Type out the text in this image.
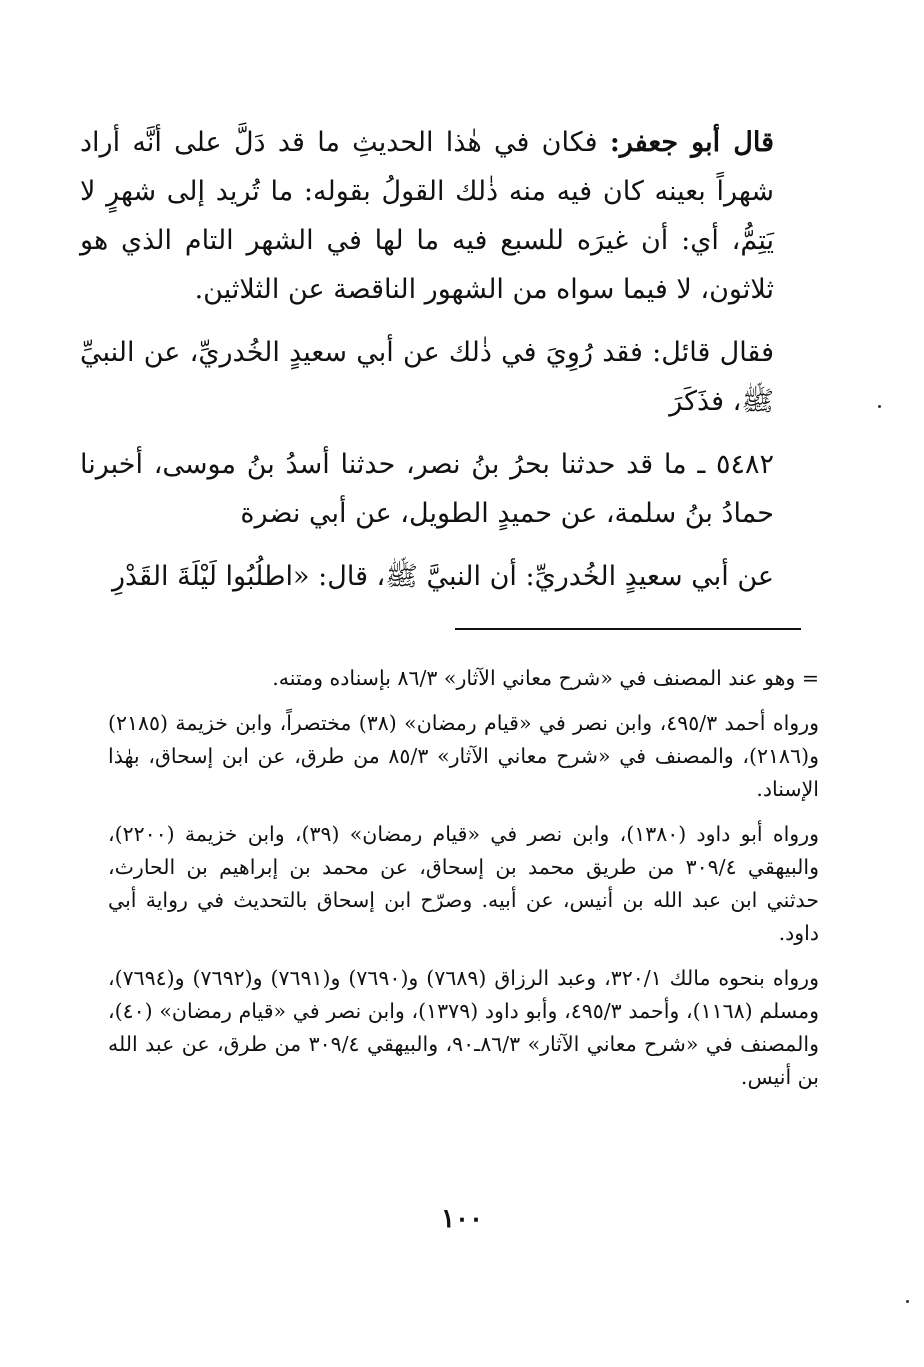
قال أبو جعفر: فكان في هٰذا الحديثِ ما قد دَلَّ على أنَّه أراد شهراً بعينه كان فيه منه ذٰلك القولُ بقوله: ما تُريد إلى شهرٍ لا يَتِمُّ، أي: أن غيرَه للسبع فيه ما لها في الشهر التام الذي هو ثلاثون، لا فيما سواه من الشهور الناقصة عن الثلاثين.

فقال قائل: فقد رُوِيَ في ذٰلك عن أبي سعيدٍ الخُدريِّ، عن النبيِّ ﷺ، فذَكَرَ

٥٤٨٢ ـ ما قد حدثنا بحرُ بنُ نصر، حدثنا أسدُ بنُ موسى، أخبرنا حمادُ بنُ سلمة، عن حميدٍ الطويل، عن أبي نضرة

عن أبي سعيدٍ الخُدريِّ: أن النبيَّ ﷺ، قال: «اطلُبُوا لَيْلَةَ القَدْرِ

= وهو عند المصنف في «شرح معاني الآثار» ٨٦/٣ بإسناده ومتنه.

ورواه أحمد ٤٩٥/٣، وابن نصر في «قيام رمضان» (٣٨) مختصراً، وابن خزيمة (٢١٨٥) و(٢١٨٦)، والمصنف في «شرح معاني الآثار» ٨٥/٣ من طرق، عن ابن إسحاق، بهٰذا الإسناد.

ورواه أبو داود (١٣٨٠)، وابن نصر في «قيام رمضان» (٣٩)، وابن خزيمة (٢٢٠٠)، والبيهقي ٣٠٩/٤ من طريق محمد بن إسحاق، عن محمد بن إبراهيم بن الحارث، حدثني ابن عبد الله بن أنيس، عن أبيه. وصرّح ابن إسحاق بالتحديث في رواية أبي داود.

ورواه بنحوه مالك ٣٢٠/١، وعبد الرزاق (٧٦٨٩) و(٧٦٩٠) و(٧٦٩١) و(٧٦٩٢) و(٧٦٩٤)، ومسلم (١١٦٨)، وأحمد ٤٩٥/٣، وأبو داود (١٣٧٩)، وابن نصر في «قيام رمضان» (٤٠)، والمصنف في «شرح معاني الآثار» ٨٦/٣ـ٩٠، والبيهقي ٣٠٩/٤ من طرق، عن عبد الله بن أنيس.

١٠٠
